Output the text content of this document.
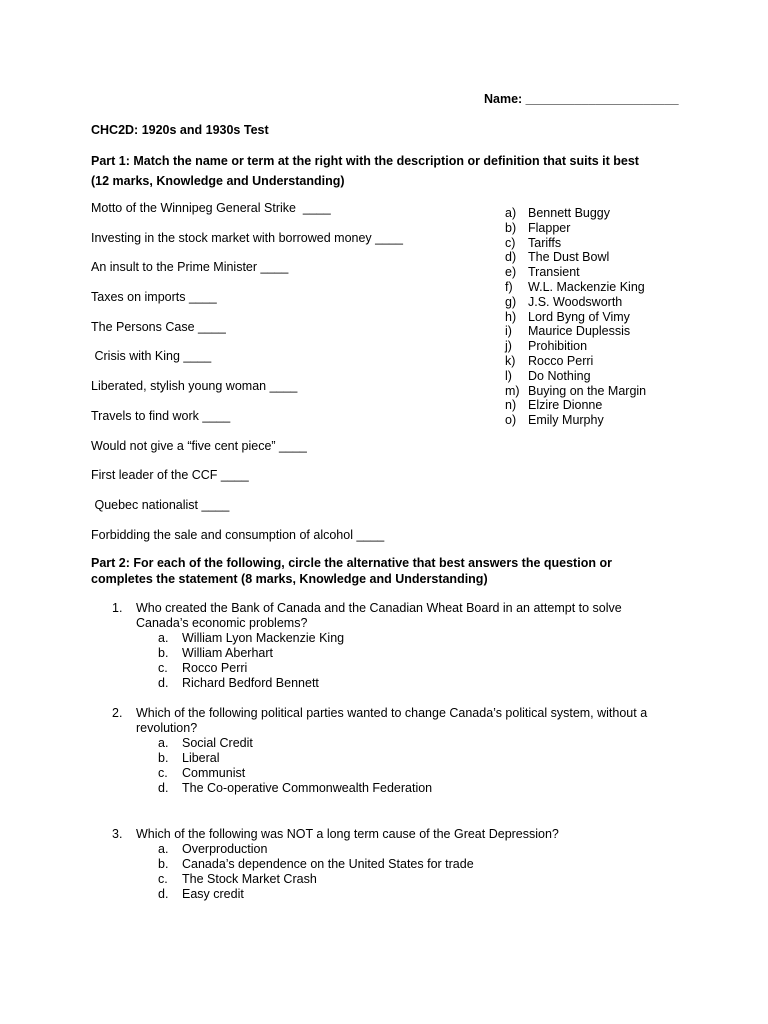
Name: ______________________
CHC2D: 1920s and 1930s Test
Part 1: Match the name or term at the right with the description or definition that suits it best (12 marks, Knowledge and Understanding)
Motto of the Winnipeg General Strike  ____
Investing in the stock market with borrowed money ____
An insult to the Prime Minister ____
Taxes on imports ____
The Persons Case ____
Crisis with King ____
Liberated, stylish young woman ____
Travels to find work ____
Would not give a “five cent piece” ____
First leader of the CCF ____
Quebec nationalist ____
Forbidding the sale and consumption of alcohol ____
a) Bennett Buggy
b) Flapper
c) Tariffs
d) The Dust Bowl
e) Transient
f) W.L. Mackenzie King
g) J.S. Woodsworth
h) Lord Byng of Vimy
i) Maurice Duplessis
j) Prohibition
k) Rocco Perri
l) Do Nothing
m) Buying on the Margin
n) Elzire Dionne
o) Emily Murphy
Part 2: For each of the following, circle the alternative that best answers the question or completes the statement (8 marks, Knowledge and Understanding)
1. Who created the Bank of Canada and the Canadian Wheat Board in an attempt to solve Canada’s economic problems?
a. William Lyon Mackenzie King
b. William Aberhart
c. Rocco Perri
d. Richard Bedford Bennett
2. Which of the following political parties wanted to change Canada’s political system, without a revolution?
a. Social Credit
b. Liberal
c. Communist
d. The Co-operative Commonwealth Federation
3. Which of the following was NOT a long term cause of the Great Depression?
a. Overproduction
b. Canada’s dependence on the United States for trade
c. The Stock Market Crash
d. Easy credit
